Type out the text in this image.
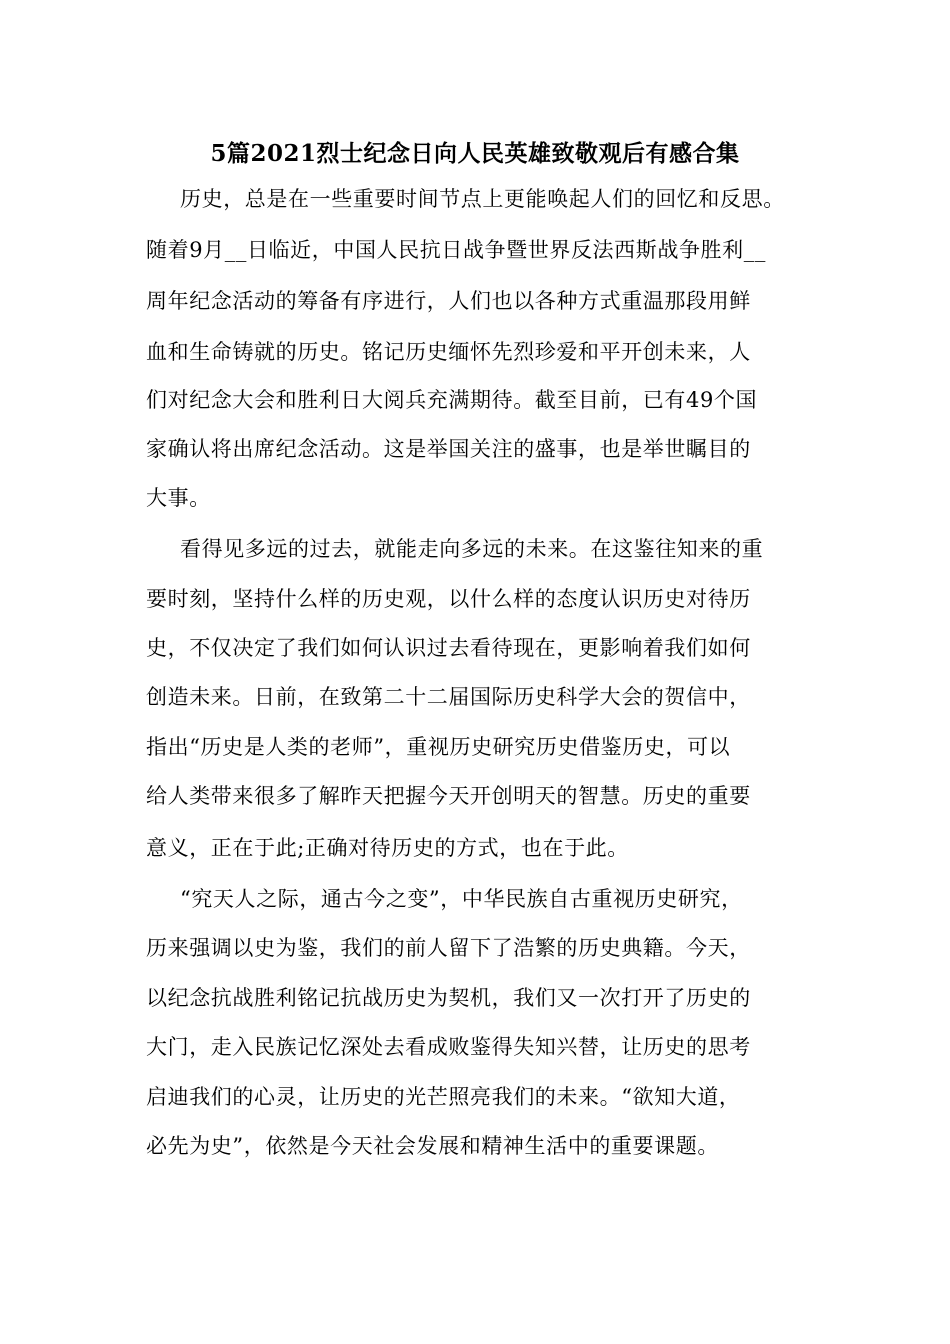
5篇2021烈士纪念日向人民英雄致敬观后有感合集
历史，总是在一些重要时间节点上更能唤起人们的回忆和反思。
随着9月__日临近，中国人民抗日战争暨世界反法西斯战争胜利__
周年纪念活动的筹备有序进行，人们也以各种方式重温那段用鲜
血和生命铸就的历史。铭记历史缅怀先烈珍爱和平开创未来，人
们对纪念大会和胜利日大阅兵充满期待。截至目前，已有49个国
家确认将出席纪念活动。这是举国关注的盛事，也是举世瞩目的
大事。
看得见多远的过去，就能走向多远的未来。在这鉴往知来的重
要时刻，坚持什么样的历史观，以什么样的态度认识历史对待历
史，不仅决定了我们如何认识过去看待现在，更影响着我们如何
创造未来。日前，在致第二十二届国际历史科学大会的贺信中，
指出“历史是人类的老师”，重视历史研究历史借鉴历史，可以
给人类带来很多了解昨天把握今天开创明天的智慧。历史的重要
意义，正在于此;正确对待历史的方式，也在于此。
“究天人之际，通古今之变”，中华民族自古重视历史研究，
历来强调以史为鉴，我们的前人留下了浩繁的历史典籍。今天，
以纪念抗战胜利铭记抗战历史为契机，我们又一次打开了历史的
大门，走入民族记忆深处去看成败鉴得失知兴替，让历史的思考
启迪我们的心灵，让历史的光芒照亮我们的未来。“欲知大道，
必先为史”，依然是今天社会发展和精神生活中的重要课题。
